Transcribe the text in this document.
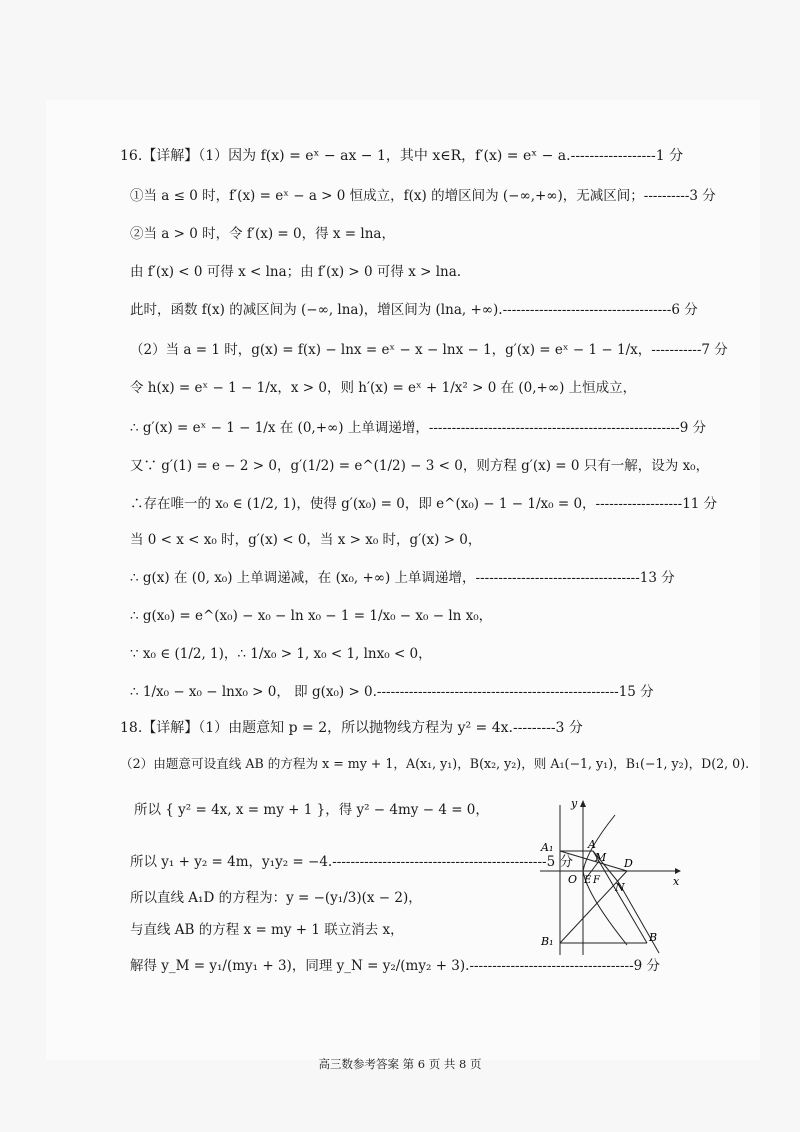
16.【详解】（1）因为 f(x) = eˣ − ax − 1，其中 x∈R，f′(x) = eˣ − a.------------------1 分
①当 a ≤ 0 时，f′(x) = eˣ − a > 0 恒成立，f(x) 的增区间为 (−∞,+∞)，无减区间；----------3 分
②当 a > 0 时，令 f′(x) = 0，得 x = lna，
由 f′(x) < 0 可得 x < lna；由 f′(x) > 0 可得 x > lna.
此时，函数 f(x) 的减区间为 (−∞, lna)，增区间为 (lna, +∞).-------------------------------------6 分
（2）当 a = 1 时，g(x) = f(x) − lnx = eˣ − x − lnx − 1，g′(x) = eˣ − 1 − 1/x，-----------7 分
令 h(x) = eˣ − 1 − 1/x，x > 0，则 h′(x) = eˣ + 1/x² > 0 在 (0,+∞) 上恒成立，
∴ g′(x) = eˣ − 1 − 1/x 在 (0,+∞) 上单调递增，-------------------------------------------------------9 分
又∵ g′(1) = e − 2 > 0，g′(1/2) = e^(1/2) − 3 < 0，则方程 g′(x) = 0 只有一解，设为 x₀，
∴存在唯一的 x₀ ∈ (1/2, 1)，使得 g′(x₀) = 0，即 e^(x₀) − 1 − 1/x₀ = 0，-------------------11 分
当 0 < x < x₀ 时，g′(x) < 0，当 x > x₀ 时，g′(x) > 0，
∴ g(x) 在 (0, x₀) 上单调递减，在 (x₀, +∞) 上单调递增，------------------------------------13 分
∴ g(x₀) = e^(x₀) − x₀ − ln x₀ − 1 = 1/x₀ − x₀ − ln x₀，
∵ x₀ ∈ (1/2, 1)，∴ 1/x₀ > 1, x₀ < 1, lnx₀ < 0，
∴ 1/x₀ − x₀ − lnx₀ > 0， 即 g(x₀) > 0.-----------------------------------------------------15 分
18.【详解】（1）由题意知 p = 2，所以抛物线方程为 y² = 4x.---------3 分
（2）由题意可设直线 AB 的方程为 x = my + 1，A(x₁, y₁)，B(x₂, y₂)，则 A₁(−1, y₁)，B₁(−1, y₂)，D(2, 0).
所以 { y² = 4x, x = my + 1 }，得 y² − 4my − 4 = 0，
所以 y₁ + y₂ = 4m，y₁y₂ = −4.-----------------------------------------------5 分
所以直线 A₁D 的方程为：y = −(y₁/3)(x − 2)，
与直线 AB 的方程 x = my + 1 联立消去 x，
解得 y_M = y₁/(my₁ + 3)，同理 y_N = y₂/(my₂ + 3).------------------------------------9 分
y
x
A₁	A
M D
O E F
N
B₁	B
高三数参考答案 第 6 页 共 8 页
